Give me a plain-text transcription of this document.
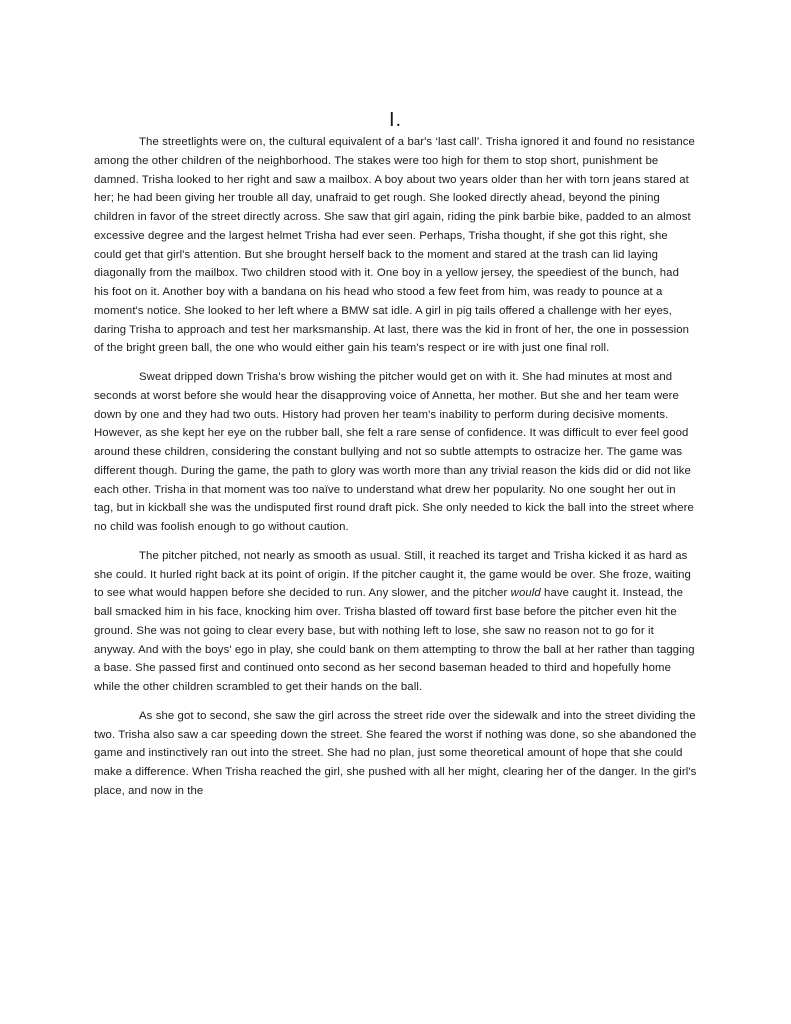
I.

The streetlights were on, the cultural equivalent of a bar's ‘last call’. Trisha ignored it and found no resistance among the other children of the neighborhood. The stakes were too high for them to stop short, punishment be damned. Trisha looked to her right and saw a mailbox. A boy about two years older than her with torn jeans stared at her; he had been giving her trouble all day, unafraid to get rough. She looked directly ahead, beyond the pining children in favor of the street directly across. She saw that girl again, riding the pink barbie bike, padded to an almost excessive degree and the largest helmet Trisha had ever seen. Perhaps, Trisha thought, if she got this right, she could get that girl's attention. But she brought herself back to the moment and stared at the trash can lid laying diagonally from the mailbox. Two children stood with it. One boy in a yellow jersey, the speediest of the bunch, had his foot on it. Another boy with a bandana on his head who stood a few feet from him, was ready to pounce at a moment's notice. She looked to her left where a BMW sat idle. A girl in pig tails offered a challenge with her eyes, daring Trisha to approach and test her marksmanship. At last, there was the kid in front of her, the one in possession of the bright green ball, the one who would either gain his team's respect or ire with just one final roll.

Sweat dripped down Trisha's brow wishing the pitcher would get on with it. She had minutes at most and seconds at worst before she would hear the disapproving voice of Annetta, her mother. But she and her team were down by one and they had two outs. History had proven her team's inability to perform during decisive moments. However, as she kept her eye on the rubber ball, she felt a rare sense of confidence. It was difficult to ever feel good around these children, considering the constant bullying and not so subtle attempts to ostracize her. The game was different though. During the game, the path to glory was worth more than any trivial reason the kids did or did not like each other. Trisha in that moment was too naïve to understand what drew her popularity. No one sought her out in tag, but in kickball she was the undisputed first round draft pick. She only needed to kick the ball into the street where no child was foolish enough to go without caution.

The pitcher pitched, not nearly as smooth as usual. Still, it reached its target and Trisha kicked it as hard as she could. It hurled right back at its point of origin. If the pitcher caught it, the game would be over. She froze, waiting to see what would happen before she decided to run. Any slower, and the pitcher would have caught it. Instead, the ball smacked him in his face, knocking him over. Trisha blasted off toward first base before the pitcher even hit the ground. She was not going to clear every base, but with nothing left to lose, she saw no reason not to go for it anyway. And with the boys' ego in play, she could bank on them attempting to throw the ball at her rather than tagging a base. She passed first and continued onto second as her second baseman headed to third and hopefully home while the other children scrambled to get their hands on the ball.

As she got to second, she saw the girl across the street ride over the sidewalk and into the street dividing the two. Trisha also saw a car speeding down the street. She feared the worst if nothing was done, so she abandoned the game and instinctively ran out into the street. She had no plan, just some theoretical amount of hope that she could make a difference. When Trisha reached the girl, she pushed with all her might, clearing her of the danger. In the girl's place, and now in the
